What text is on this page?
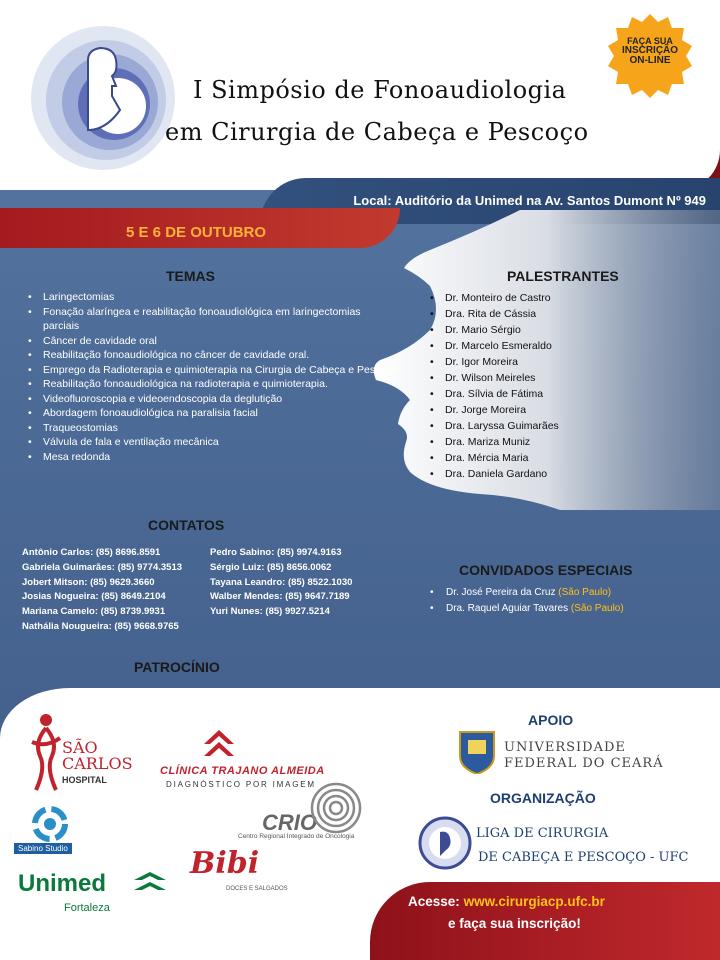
I Simpósio de Fonoaudiologia
em Cirurgia de Cabeça e Pescoço
FAÇA SUA
INSCRIÇÃO
ON-LINE
Local: Auditório da Unimed na Av. Santos Dumont Nº 949
5 E 6 DE OUTUBRO
TEMAS
• Laringectomias
• Fonação alaríngea e reabilitação fonoaudiológica em laringectomias parciais
• Câncer de cavidade oral
• Reabilitação fonoaudiológica no câncer de cavidade oral.
• Emprego da Radioterapia e quimioterapia na Cirurgia de Cabeça e Pescoço
• Reabilitação fonoaudiológica na radioterapia e quimioterapia.
• Videofluoroscopia e videoendoscopia da deglutição
• Abordagem fonoaudiológica na paralisia facial
• Traqueostomias
• Válvula de fala e ventilação mecânica
• Mesa redonda
PALESTRANTES
• Dr. Monteiro de Castro
• Dra. Rita de Cássia
• Dr. Mario Sérgio
• Dr. Marcelo Esmeraldo
• Dr. Igor Moreira
• Dr. Wilson Meireles
• Dra. Sílvia de Fátima
• Dr. Jorge Moreira
• Dra. Laryssa Guimarães
• Dra. Mariza Muniz
• Dra. Mércia Maria
• Dra. Daniela Gardano
CONTATOS
Antônio Carlos: (85) 8696.8591
Gabriela Guimarães: (85) 9774.3513
Jobert Mitson: (85) 9629.3660
Josias Nogueira: (85) 8649.2104
Mariana Camelo: (85) 8739.9931
Nathália Nougueira: (85) 9668.9765
Pedro Sabino: (85) 9974.9163
Sérgio Luiz: (85) 8656.0062
Tayana Leandro: (85) 8522.1030
Walber Mendes: (85) 9647.7189
Yuri Nunes: (85) 9927.5214
CONVIDADOS ESPECIAIS
• Dr. José Pereira da Cruz (São Paulo)
• Dra. Raquel Aguiar Tavares (São Paulo)
PATROCÍNIO
SÃO
CARLOS
HOSPITAL
CLÍNICA TRAJANO ALMEIDA
DIAGNÓSTICO POR IMAGEM
Sabino Studio
CRIO
Centro Regional Integrado de Oncologia
Unimed
Fortaleza
Bibi
DOCES E SALGADOS
APOIO
UNIVERSIDADE
FEDERAL DO CEARÁ
ORGANIZAÇÃO
LIGA DE CIRURGIA
DE CABEÇA E PESCOÇO - UFC
Acesse: www.cirurgiacp.ufc.br
e faça sua inscrição!
